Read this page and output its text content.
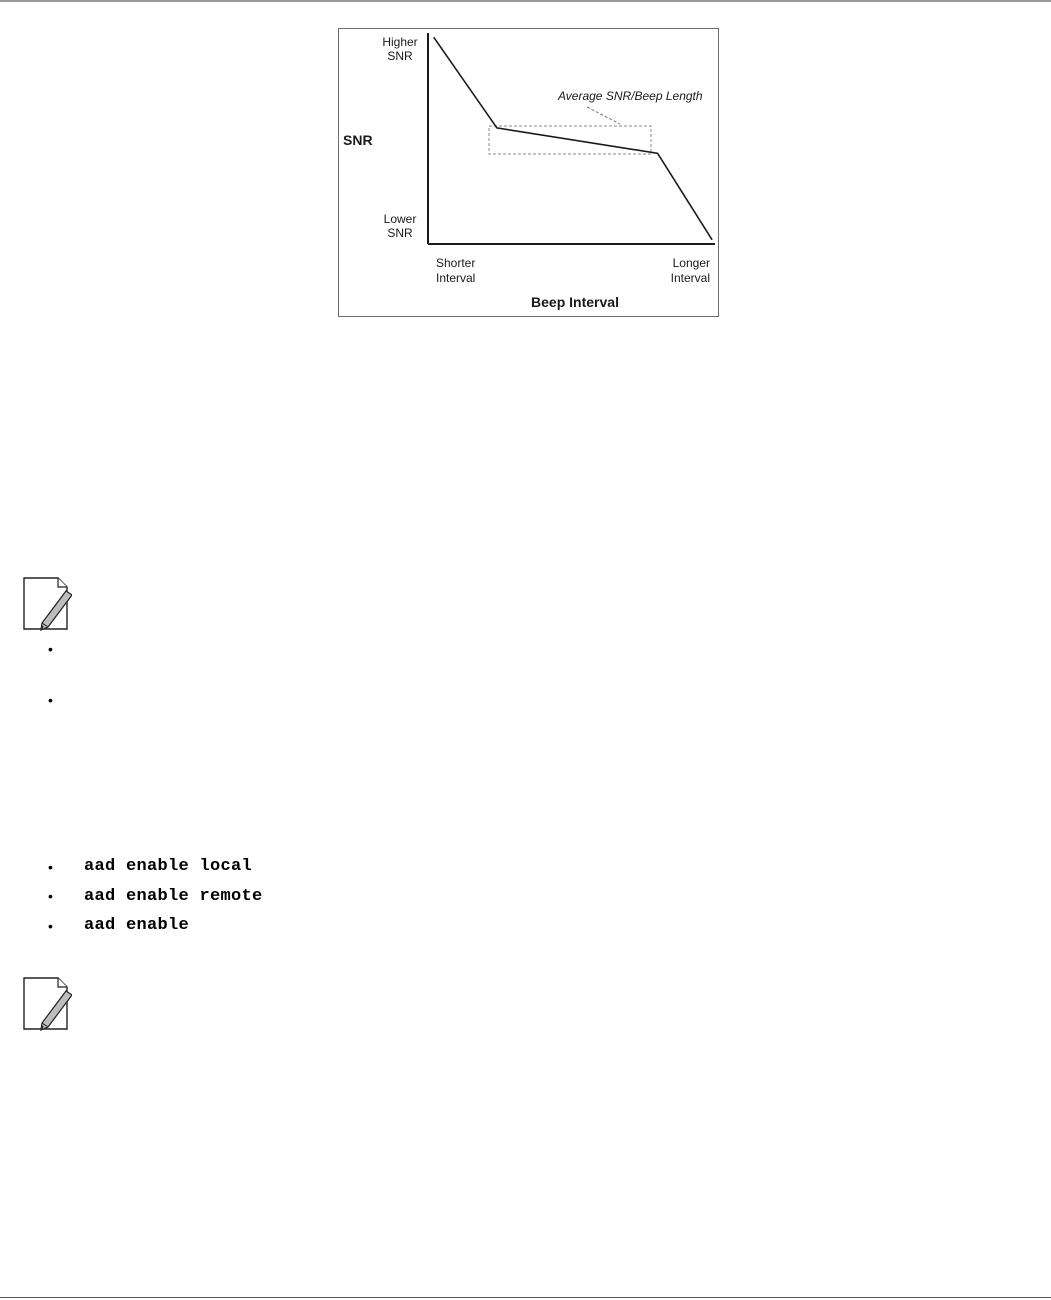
Higher
SNR
SNR
Lower
SNR
Shorter
Interval
Longer
Interval
Beep Interval
Average SNR/Beep Length
•
•
•	aad enable local
•	aad enable remote
•	aad enable
